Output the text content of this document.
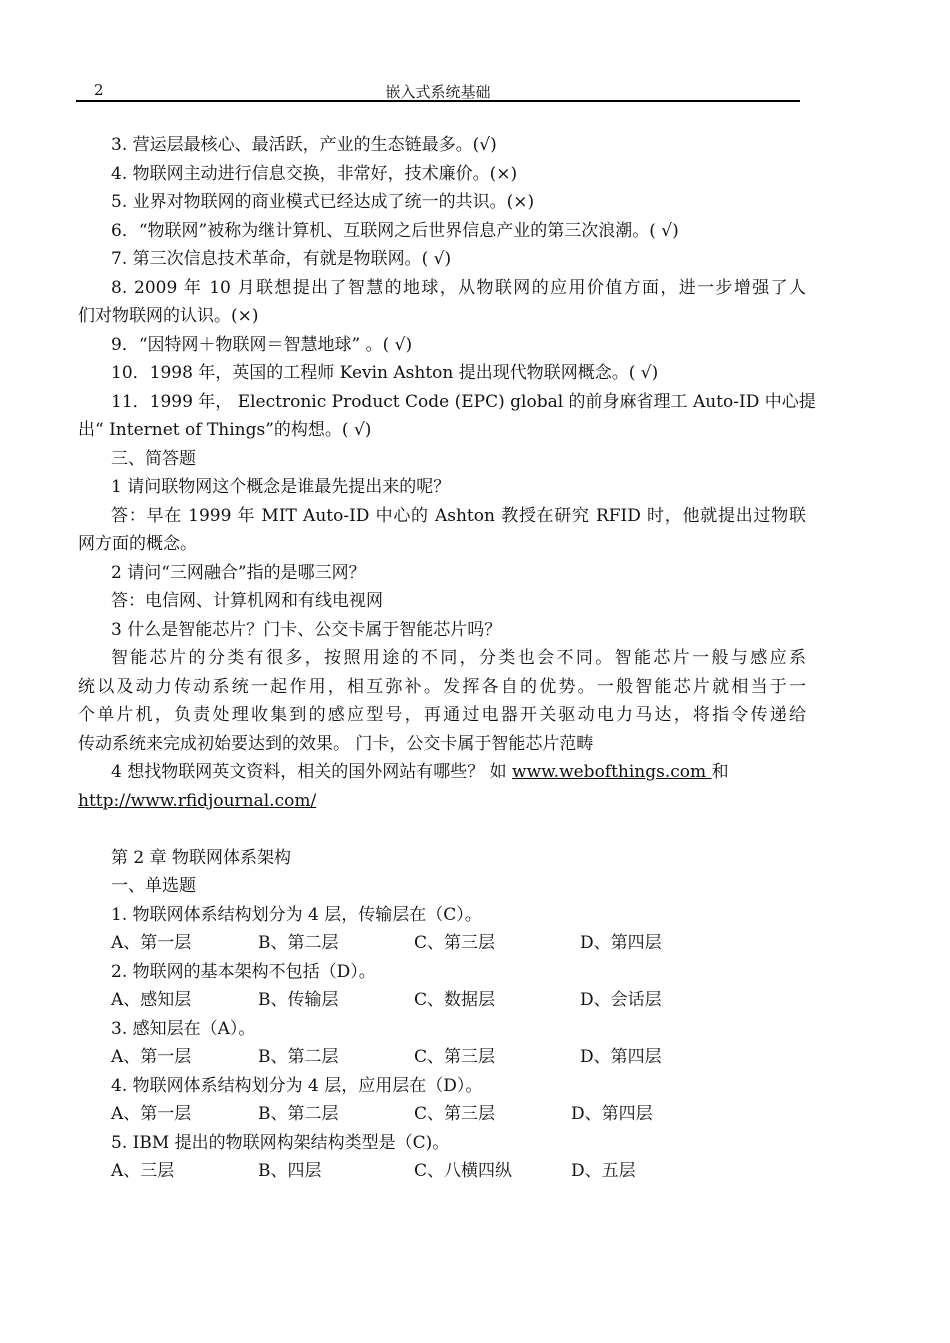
2	嵌入式系统基础
3. 营运层最核心、最活跃，产业的生态链最多。(√)
4. 物联网主动进行信息交换，非常好，技术廉价。(×)
5. 业界对物联网的商业模式已经达成了统一的共识。(×)
6．“物联网”被称为继计算机、互联网之后世界信息产业的第三次浪潮。( √)
7. 第三次信息技术革命，有就是物联网。( √)
8. 2009 年 10 月联想提出了智慧的地球，从物联网的应用价值方面，进一步增强了人
们对物联网的认识。(×)
9．“因特网＋物联网＝智慧地球” 。( √)
10．1998 年，英国的工程师 Kevin Ashton 提出现代物联网概念。( √)
11．1999 年， Electronic Product Code (EPC) global 的前身麻省理工 Auto-ID 中心提
出“ Internet of Things”的构想。( √)
三、简答题
1 请问联物网这个概念是谁最先提出来的呢？
答：早在 1999 年 MIT Auto-ID 中心的 Ashton 教授在研究 RFID 时，他就提出过物联
网方面的概念。
2 请问“三网融合”指的是哪三网？
答：电信网、计算机网和有线电视网
3 什么是智能芯片？门卡、公交卡属于智能芯片吗？
智能芯片的分类有很多，按照用途的不同，分类也会不同。智能芯片一般与感应系
统以及动力传动系统一起作用，相互弥补。发挥各自的优势。一般智能芯片就相当于一
个单片机，负责处理收集到的感应型号，再通过电器开关驱动电力马达，将指令传递给
传动系统来完成初始要达到的效果。 门卡，公交卡属于智能芯片范畴
4 想找物联网英文资料，相关的国外网站有哪些？ 如 www.webofthings.com 和
http://www.rfidjournal.com/
第 2 章 物联网体系架构
一、单选题
1. 物联网体系结构划分为 4 层，传输层在（C）。
A、第一层	B、第二层	C、第三层	D、第四层
2. 物联网的基本架构不包括（D）。
A、感知层	B、传输层	C、数据层	D、会话层
3. 感知层在（A）。
A、第一层	B、第二层	C、第三层	D、第四层
4. 物联网体系结构划分为 4 层，应用层在（D）。
A、第一层	B、第二层	C、第三层	D、第四层
5. IBM 提出的物联网构架结构类型是（C)。
A、三层	B、四层	C、八横四纵	D、五层
